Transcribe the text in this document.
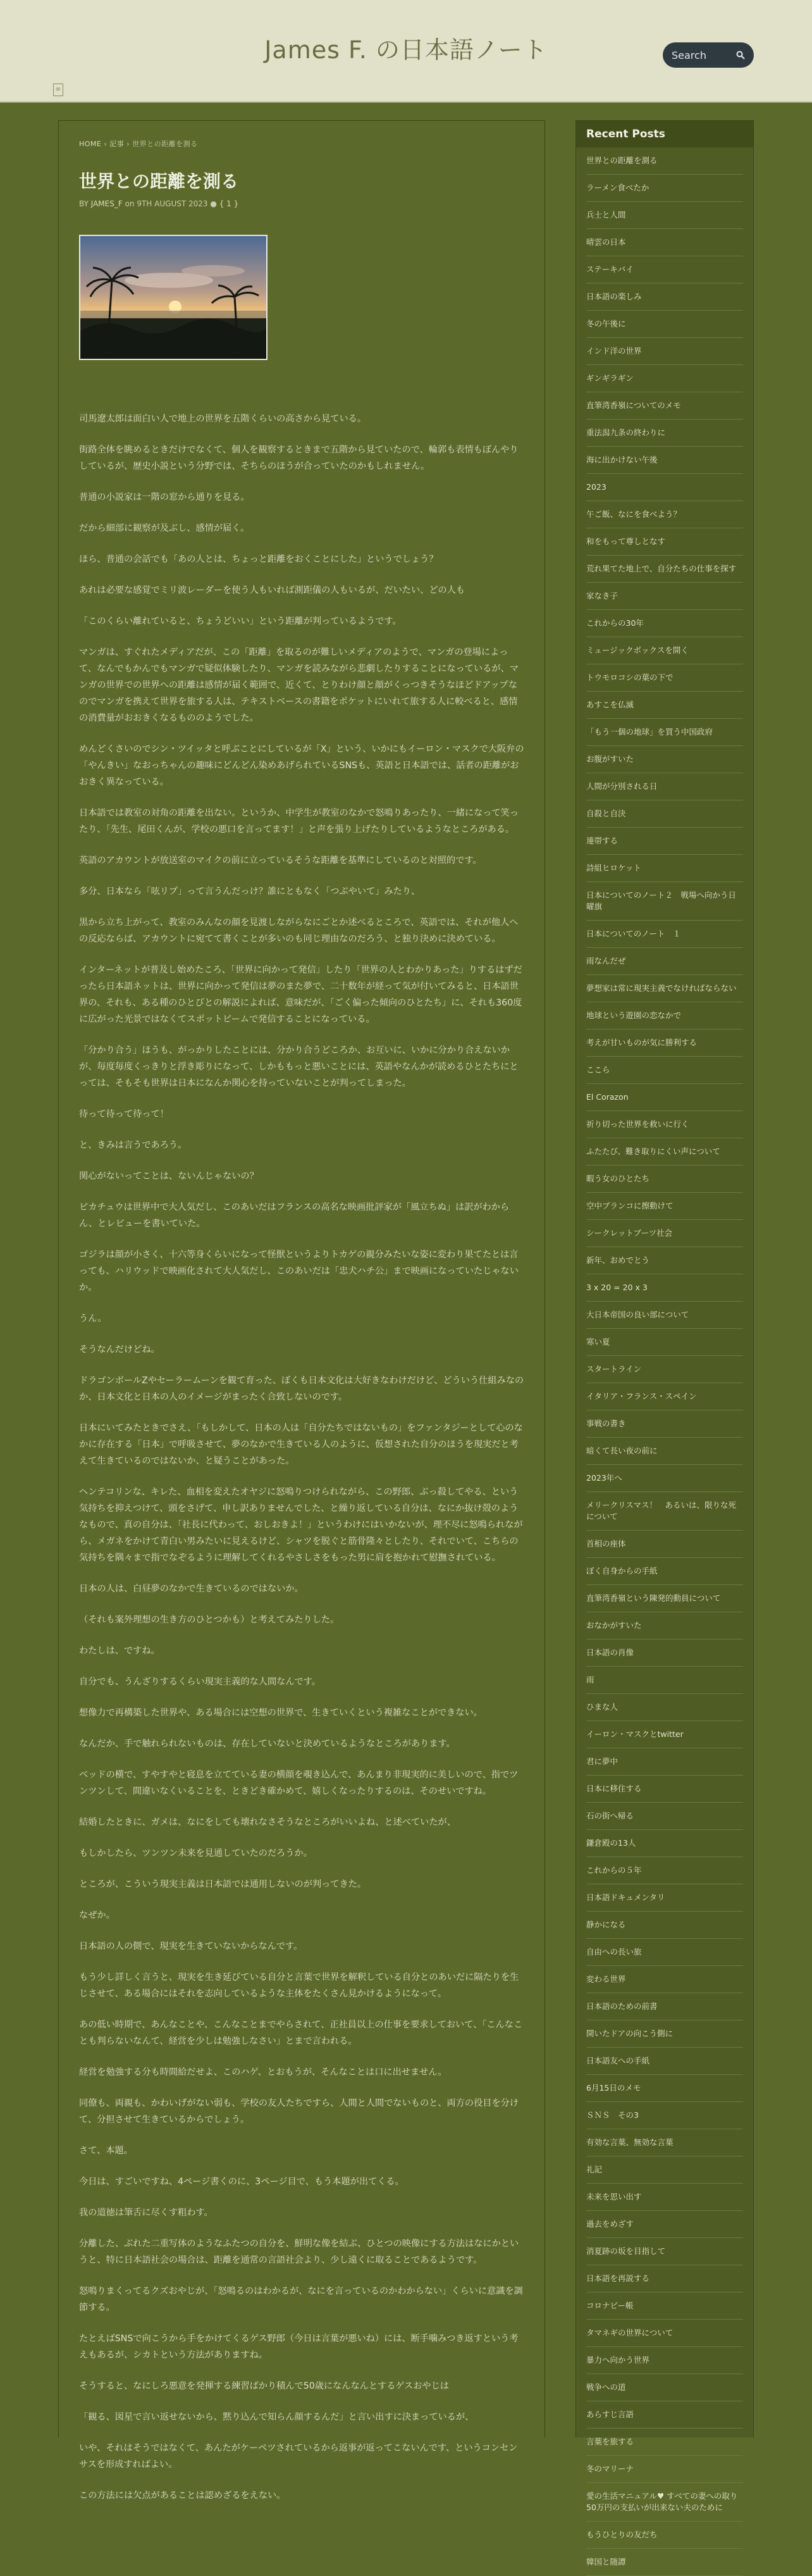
James F. の日本語ノート	Search
≡
HOME › 記事 › 世界との距離を測る
世界との距離を測る
BY JAMES_F on 9TH AUGUST 2023 ● { 1 }

司馬遼太郎は面白い人で地上の世界を五階くらいの高さから見ている。

街路全体を眺めるときだけでなくて、個人を観察するときまで五階から見ていたので、輪郭も表情もぼんやりしているが、歴史小説という分野では、そちらのほうが合っていたのかもしれません。

普通の小説家は一階の窓から通りを見る。

だから細部に観察が及ぶし、感情が届く。

ほら、普通の会話でも「あの人とは、ちょっと距離をおくことにした」というでしょう？

あれは必要な感覚でミリ波レーダーを使う人もいれば測距儀の人もいるが、だいたい、どの人も

「このくらい離れていると、ちょうどいい」という距離が判っているようです。

マンガは、すぐれたメディアだが、この「距離」を取るのが難しいメディアのようで、マンガの登場によって、なんでもかんでもマンガで疑似体験したり、マンガを読みながら悲劇したりすることになっているが、マンガの世界での世界への距離は感情が届く範囲で、近くて、とりわけ顔と顔がくっつきそうなほどドアップなのでマンガを携えて世界を旅する人は、テキストベースの書籍をポケットにいれて旅する人に較べると、感情の消費量がおおきくなるもののようでした。

めんどくさいのでシン・ツイッタと呼ぶことにしているが「X」という、いかにもイーロン・マスクで大阪弁の「やんきい」なおっちゃんの趣味にどんどん染めあげられているSNSも、英語と日本語では、話者の距離がおおきく異なっている。

日本語では教室の対角の距離を出ない。というか、中学生が教室のなかで怒鳴りあったり、一緒になって笑ったり、「先生、尾田くんが、学校の悪口を言ってます！」と声を張り上げたりしているようなところがある。

英語のアカウントが放送室のマイクの前に立っているそうな距離を基準にしているのと対照的です。

多分、日本なら「呟リプ」って言うんだっけ？誰にともなく「つぶやいて」みたり、

黒から立ち上がって、教室のみんなの顔を見渡しながらなにごとか述べるところで、英語では、それが他人への反応ならば、アカウントに宛てて書くことが多いのも同じ理由なのだろう、と独り決めに決めている。

インターネットが普及し始めたころ、「世界に向かって発信」したり「世界の人とわかりあった」りするはずだったら日本語ネットは、世界に向かって発信は夢のまた夢で、二十数年が経って気が付いてみると、日本語世界の、それも、ある種のひとびとの解説によれば、意味だが、「ごく偏った傾向のひとたち」に、それも360度に広がった光景ではなくてスポットビームで発信することになっている。

「分かり合う」ほうも、がっかりしたことには、分かり合うどころか、お互いに、いかに分かり合えないかが、毎度毎度くっきりと浮き彫りになって、しかももっと悪いことには、英語やなんかが読めるひとたちにとっては、そもそも世界は日本になんか関心を持っていないことが判ってしまった。

待って待って待って！

と、きみは言うであろう。

関心がないってことは、ないんじゃないの？

ピカチュウは世界中で大人気だし、このあいだはフランスの高名な映画批評家が「風立ちぬ」は訳がわからん、とレビューを書いていた。

ゴジラは顔が小さく、十六等身くらいになって怪獣というよりトカゲの親分みたいな姿に変わり果てたとは言っても、ハリウッドで映画化されて大人気だし、このあいだは「忠犬ハチ公」まで映画になっていたじゃないか。

うん。

そうなんだけどね。

ドラゴンボールZやセーラームーンを観て育った、ぼくも日本文化は大好きなわけだけど、どういう仕組みなのか、日本文化と日本の人のイメージがまったく合致しないのです。

日本にいてみたときでさえ、「もしかして、日本の人は「自分たちではないもの」をファンタジーとして心のなかに存在する「日本」で呼吸させて、夢のなかで生きている人のように、仮想された自分のほうを現実だと考えて生きているのではないか、と疑うことがあった。

ヘンテコリンな、キレた、血相を変えたオヤジに怒鳴りつけられながら、この野郎、ぶっ殺してやる、という気持ちを抑えつけて、頭をさげて、申し訳ありませんでした、と繰り返している自分は、なにか抜け殻のようなもので、真の自分は、「社長に代わって、おしおきよ！」というわけにはいかないが、理不尽に怒鳴られながら、メガネをかけて青白い男みたいに見えるけど、シャツを脱ぐと筋骨隆々としたり、それでいて、こちらの気持ちを隅々まで指でなぞるように理解してくれるやさしさをもった男に肩を抱かれて慰撫されている。

日本の人は、白昼夢のなかで生きているのではないか。

（それも案外理想の生き方のひとつかも）と考えてみたりした。

わたしは、ですね。

自分でも、うんざりするくらい現実主義的な人間なんです。

想像力で再構築した世界や、ある場合には空想の世界で、生きていくという複雑なことができない。

なんだか、手で触れられないものは、存在していないと決めているようなところがあります。

ベッドの横で、すやすやと寝息を立てている妻の横顔を覗き込んで、あんまり非現実的に美しいので、指でツンツンして、間違いなくいることを、ときどき確かめて、嬉しくなったりするのは、そのせいですね。

結婚したときに、ガメは、なにをしても壊れなさそうなところがいいよね、と述べていたが、

もしかしたら、ツンツン未来を見通していたのだろうか。

ところが、こういう現実主義は日本語では通用しないのが判ってきた。

なぜか。

日本語の人の側で、現実を生きていないからなんです。

もう少し詳しく言うと、現実を生き延びている自分と言葉で世界を解釈している自分とのあいだに隔たりを生じさせて、ある場合にはそれを志向しているような主体をたくさん見かけるようになって。

あの低い時期で、あんなことや、こんなことまでやらされて、正社員以上の仕事を要求しておいて、「こんなことも判らないなんて、経営を少しは勉強しなさい」とまで言われる。

経営を勉強する分も時間給だせよ、このハゲ、とおもうが、そんなことは口に出せません。

同僚も、両親も、かわいげがない弱も、学校の友人たちですら、人間と人間でないものと、両方の役目を分けて、分担させて生きているからでしょう。

さて、本題。

今日は、すごいですね、4ページ書くのに、3ページ目で、もう本題が出てくる。

我の道徳は筆舌に尽くす粗わす。

分離した、ぶれた二重写体のようなふたつの自分を、鮮明な像を結ぶ、ひとつの映像にする方法はなにかというと、特に日本語社会の場合は、距離を通常の言語社会より、少し遠くに取ることであるようです。

怒鳴りまくってるクズおやじが、「怒鳴るのはわかるが、なにを言っているのかわからない」くらいに意識を調節する。

たとえばSNSで向こうから手をかけてくるゲス野郎（今日は言葉が悪いね）には、断手噛みつき返すという考えもあるが、シカトという方法がありますね。

そうすると、なにしろ悪意を発揮する練習ばかり積んで50歳になんなんとするゲスおやじは

「観る、図星で言い返せないから、黙り込んで知らん顔するんだ」と言い出すに決まっているが、

いや、それはそうではなくて、あんたがケーペツされているから返事が返ってこないんです、というコンセンサスを形成すればよい。

この方法には欠点があることは認めざるをえない。

Recent Posts
世界との距離を測る
ラーメン食べたか
兵士と人間
晴雲の日本
ステーキバイ
日本語の楽しみ
冬の午後に
インド洋の世界
ギンギラギン
直筆湾香嶺についてのメモ
重法潟九条の終わりに
海に出かけない午後
2023
午ご飯、なにを食べよう？
和をもって尊しとなす
荒れ果てた地上で、自分たちの仕事を探す
家なき子
これからの30年
ミュージックボックスを開く
トウモロコシの葉の下で
あすこを仏滅
「もう一個の地球」を買う中国政府
お腹がすいた
人間が分別される日
自殺と自決
連帯する
詩組ヒロケット
日本についてのノート２　戦場へ向かう日曜旗
日本についてのノート　１
雨なんだぜ
夢想家は常に現実主義でなければならない
地球という遊園の恋なかで
考えが甘いものが気に勝利する
ここら
El Corazon
祈り切った世界を救いに行く
ふたたび、難き取りにくい声について
暇う女のひとたち
空中ブランコに擦動けて
シークレットブーツ社会
新年、おめでとう
3 x 20 = 20 x 3
大日本帝国の良い部について
寒い夏
スタートライン
イタリア・フランス・スペイン
事戦の書き
暗くて長い夜の前に
2023年へ
メリークリスマス！　あるいは、限りな死について
首相の座体
ぼく自身からの手紙
直筆湾香嶺という陳発的動員について
おなかがすいた
日本語の肖像
雨
ひまな人
イーロン・マスクとtwitter
君に夢中
日本に移住する
石の街へ帰る
鎌倉殿の13人
これからの５年
日本語ドキュメンタリ
静かになる
自由への長い旅
変わる世界
日本語のための前書
開いたドアの向こう側に
日本語友への手紙
6月15日のメモ
ＳＮＳ　その3
有効な言葉、無効な言葉
礼記
未来を思い出す
過去をめざす
消夏跡の坂を目指して
日本語を再説する
コロナビー帳
タマネギの世界について
暴力へ向かう世界
戦争への道
あらすじ言語
言葉を旅する
冬のマリーナ
愛の生活マニュアル♥ すべての妻への取り50万円の支払いが出来ない夫のために
もうひとりの友だち
韓国と随譚
